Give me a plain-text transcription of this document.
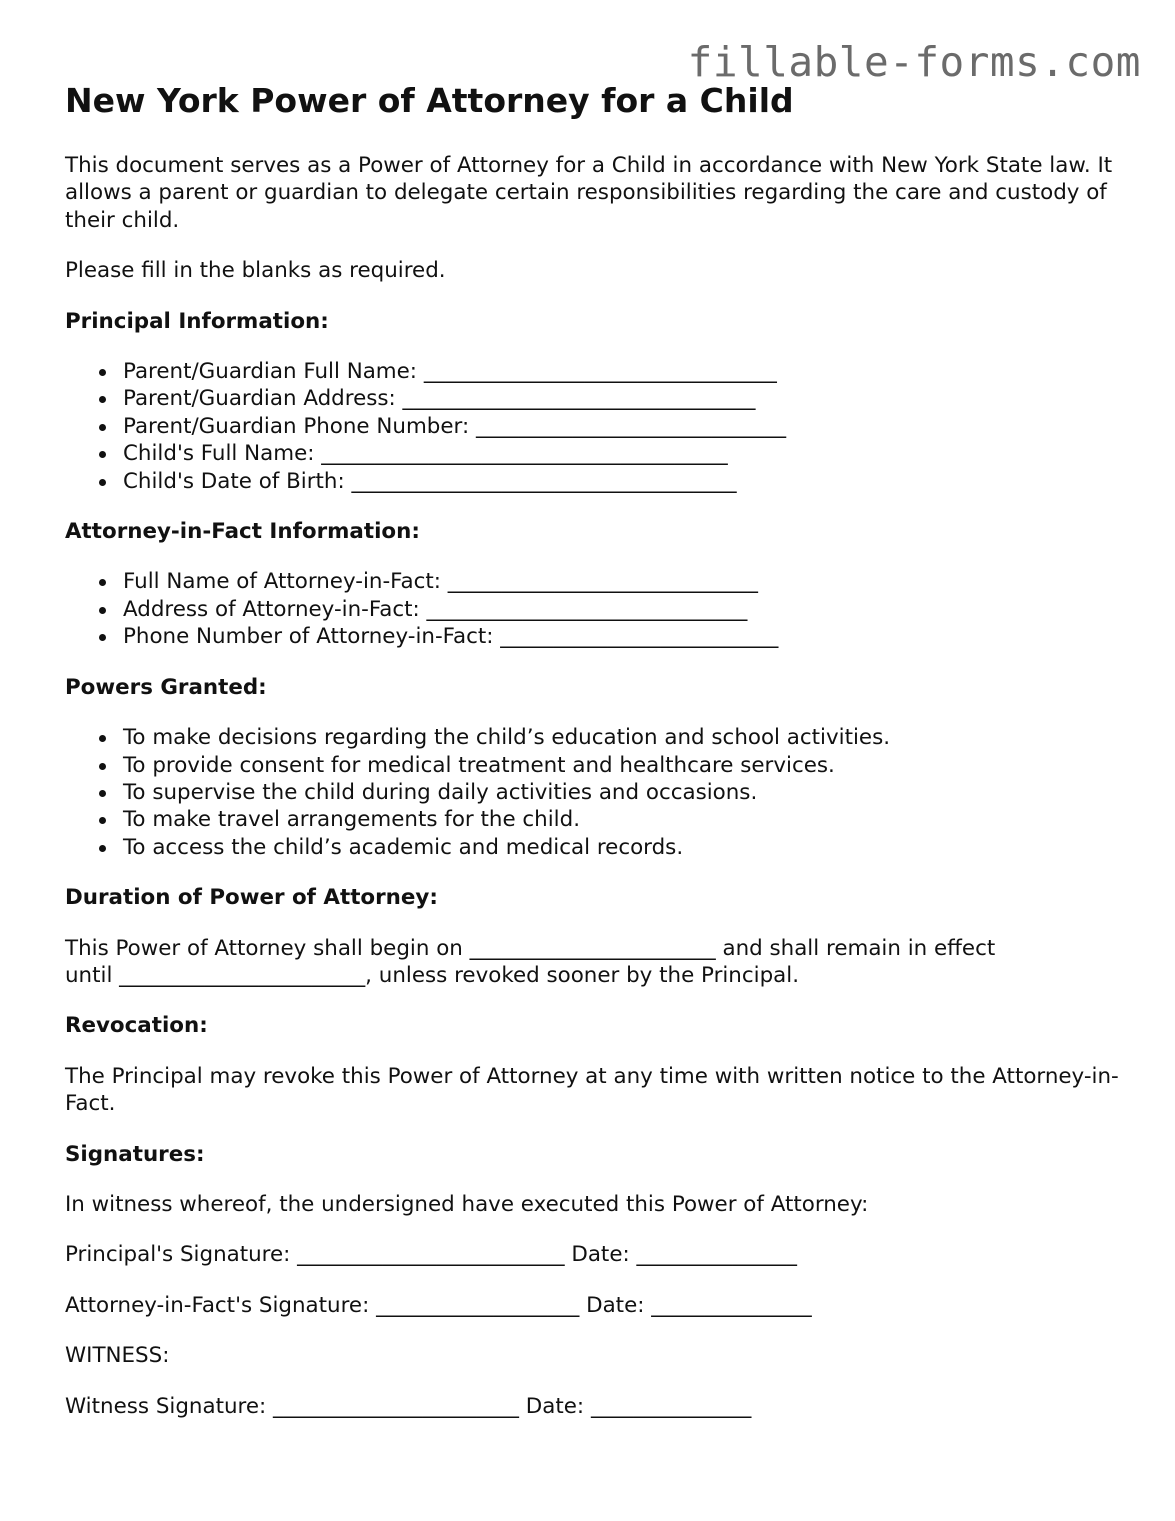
fillable-forms.com
New York Power of Attorney for a Child

This document serves as a Power of Attorney for a Child in accordance with New York State law. It allows a parent or guardian to delegate certain responsibilities regarding the care and custody of their child.

Please fill in the blanks as required.

Principal Information:
Parent/Guardian Full Name: _________________________________
Parent/Guardian Address: _________________________________
Parent/Guardian Phone Number: _____________________________
Child's Full Name: ______________________________________
Child's Date of Birth: ____________________________________
Attorney-in-Fact Information:
Full Name of Attorney-in-Fact: _____________________________
Address of Attorney-in-Fact: ______________________________
Phone Number of Attorney-in-Fact: __________________________
Powers Granted:
To make decisions regarding the child’s education and school activities.
To provide consent for medical treatment and healthcare services.
To supervise the child during daily activities and occasions.
To make travel arrangements for the child.
To access the child’s academic and medical records.
Duration of Power of Attorney:

This Power of Attorney shall begin on _______________________ and shall remain in effect

until _______________________, unless revoked sooner by the Principal.

Revocation:

The Principal may revoke this Power of Attorney at any time with written notice to the Attorney-in-Fact.

Signatures:

In witness whereof, the undersigned have executed this Power of Attorney:

Principal's Signature: _________________________ Date: _______________

Attorney-in-Fact's Signature: ___________________ Date: _______________

WITNESS:

Witness Signature: _______________________ Date: _______________
